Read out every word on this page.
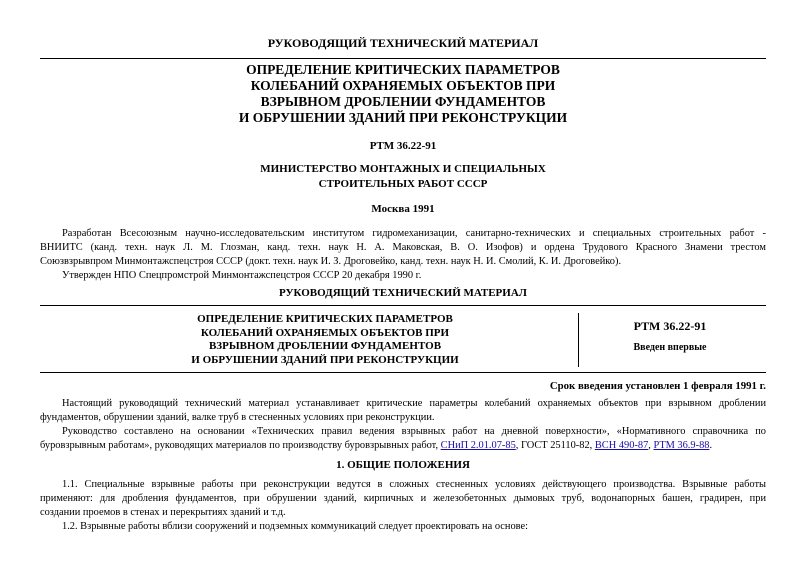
РУКОВОДЯЩИЙ ТЕХНИЧЕСКИЙ МАТЕРИАЛ
ОПРЕДЕЛЕНИЕ КРИТИЧЕСКИХ ПАРАМЕТРОВ
КОЛЕБАНИЙ ОХРАНЯЕМЫХ ОБЪЕКТОВ ПРИ
ВЗРЫВНОМ ДРОБЛЕНИИ ФУНДАМЕНТОВ
И ОБРУШЕНИИ ЗДАНИЙ ПРИ РЕКОНСТРУКЦИИ
РТМ 36.22-91
МИНИСТЕРСТВО МОНТАЖНЫХ И СПЕЦИАЛЬНЫХ
СТРОИТЕЛЬНЫХ РАБОТ СССР
Москва 1991
Разработан Всесоюзным научно-исследовательским институтом гидромеханизации, санитарно-технических и специальных строительных работ -
ВНИИТС (канд. техн. наук Л. М. Глозман, канд. техн. наук Н. А. Маковская, В. О. Изофов) и ордена Трудового Красного Знамени трестом
Союзвзрывпром Минмонтажспецстроя СССР (докт. техн. наук И. З. Дроговейко, канд. техн. наук Н. И. Смолий, К. И. Дроговейко).
Утвержден НПО Спецпромстрой Минмонтажспецстроя СССР 20 декабря 1990 г.
РУКОВОДЯЩИЙ ТЕХНИЧЕСКИЙ МАТЕРИАЛ
ОПРЕДЕЛЕНИЕ КРИТИЧЕСКИХ ПАРАМЕТРОВ
КОЛЕБАНИЙ ОХРАНЯЕМЫХ ОБЪЕКТОВ ПРИ
ВЗРЫВНОМ ДРОБЛЕНИИ ФУНДАМЕНТОВ
И ОБРУШЕНИИ ЗДАНИЙ ПРИ РЕКОНСТРУКЦИИ
РТМ 36.22-91
Введен впервые
Срок введения установлен 1 февраля 1991 г.
Настоящий руководящий технический материал устанавливает критические параметры колебаний охраняемых объектов при взрывном дроблении
фундаментов, обрушении зданий, валке труб в стесненных условиях при реконструкции.
Руководство составлено на основании «Технических правил ведения взрывных работ на дневной поверхности», «Нормативного справочника по
буровзрывным работам», руководящих материалов по производству буровзрывных работ, СНиП 2.01.07-85, ГОСТ 25110-82, ВСН 490-87, РТМ 36.9-88.
1. ОБЩИЕ ПОЛОЖЕНИЯ
1.1. Специальные взрывные работы при реконструкции ведутся в сложных стесненных условиях действующего производства. Взрывные работы
применяют: для дробления фундаментов, при обрушении зданий, кирпичных и железобетонных дымовых труб, водонапорных башен, градирен, при
создании проемов в стенах и перекрытиях зданий и т.д.
1.2. Взрывные работы вблизи сооружений и подземных коммуникаций следует проектировать на основе:
